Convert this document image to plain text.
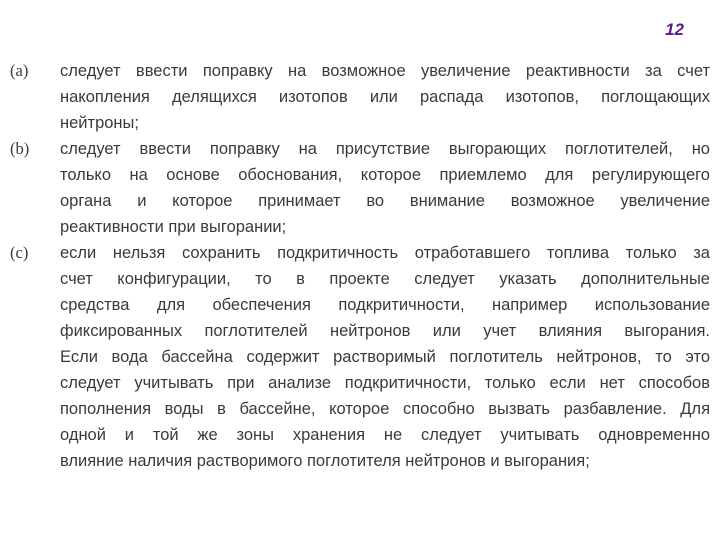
12
(a)	следует ввести поправку на возможное увеличение реактивности за счет
накопления делящихся изотопов или распада изотопов, поглощающих
нейтроны;
(b)	следует ввести поправку на присутствие выгорающих поглотителей, но
только на основе обоснования, которое приемлемо для регулирующего
органа и которое принимает во внимание возможное увеличение
реактивности при выгорании;
(c)	если нельзя сохранить подкритичность отработавшего топлива только за
счет конфигурации, то в проекте следует указать дополнительные
средства для обеспечения подкритичности, например использование
фиксированных поглотителей нейтронов или учет влияния выгорания.
Если вода бассейна содержит растворимый поглотитель нейтронов, то это
следует учитывать при анализе подкритичности, только если нет способов
пополнения воды в бассейне, которое способно вызвать разбавление. Для
одной и той же зоны хранения не следует учитывать одновременно
влияние наличия растворимого поглотителя нейтронов и выгорания;
